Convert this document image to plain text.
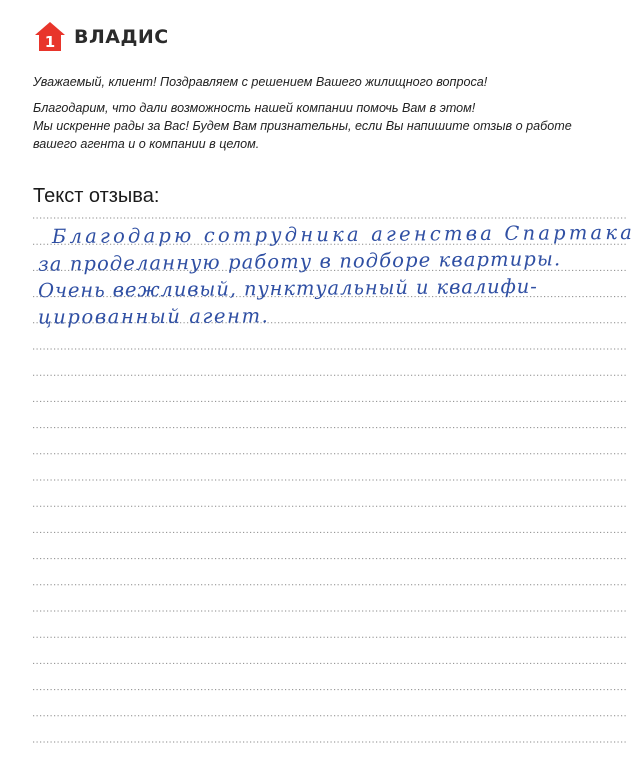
1 ВЛАДИС

Уважаемый, клиент! Поздравляем с решением Вашего жилищного вопроса!

Благодарим, что дали возможность нашей компании помочь Вам в этом!
Мы искренне рады за Вас! Будем Вам признательны, если Вы напишите отзыв о работе
вашего агента и о компании в целом.

Текст отзыва:

Благодарю сотрудника агенства Спартака

за проделанную работу в подборе квартиры.

Очень вежливый, пунктуальный и квалифи-

цированный агент.
